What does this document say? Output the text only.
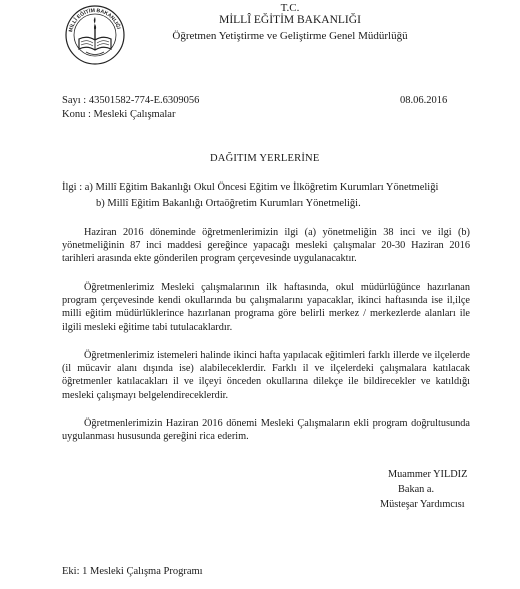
MİLLÎ EĞİTİM BAKANLIĞI
T.C.
MİLLÎ EĞİTİM BAKANLIĞI
Öğretmen Yetiştirme ve Geliştirme Genel Müdürlüğü
Sayı : 43501582-774-E.6309056	08.06.2016
Konu : Mesleki Çalışmalar
DAĞITIM YERLERİNE
İlgi : a) Millî Eğitim Bakanlığı Okul Öncesi Eğitim ve İlköğretim Kurumları Yönetmeliği
b) Millî Eğitim Bakanlığı Ortaöğretim Kurumları Yönetmeliği.
Haziran 2016 döneminde öğretmenlerimizin ilgi (a) yönetmeliğin 38 inci ve ilgi (b) yönetmeliğinin 87 inci maddesi gereğince yapacağı mesleki çalışmalar 20-30 Haziran 2016 tarihleri arasında ekte gönderilen program çerçevesinde uygulanacaktır.
Öğretmenlerimiz Mesleki çalışmalarının ilk haftasında, okul müdürlüğünce hazırlanan program çerçevesinde kendi okullarında bu çalışmalarını yapacaklar, ikinci haftasında ise il,ilçe milli eğitim müdürlüklerince hazırlanan programa göre belirli merkez / merkezlerde alanları ile ilgili mesleki eğitime tabi tutulacaklardır.
Öğretmenlerimiz istemeleri halinde ikinci hafta yapılacak eğitimleri farklı illerde ve ilçelerde (il mücavir alanı dışında ise) alabileceklerdir. Farklı il ve ilçelerdeki çalışmalara katılacak öğretmenler katılacakları il ve ilçeyi önceden okullarına dilekçe ile bildirecekler ve katıldığı mesleki çalışmayı belgelendireceklerdir.
Öğretmenlerimizin Haziran 2016 dönemi Mesleki Çalışmaların ekli program doğrultusunda uygulanması hususunda gereğini rica ederim.
Muammer YILDIZ
Bakan a.
Müsteşar Yardımcısı
Eki: 1 Mesleki Çalışma Programı
